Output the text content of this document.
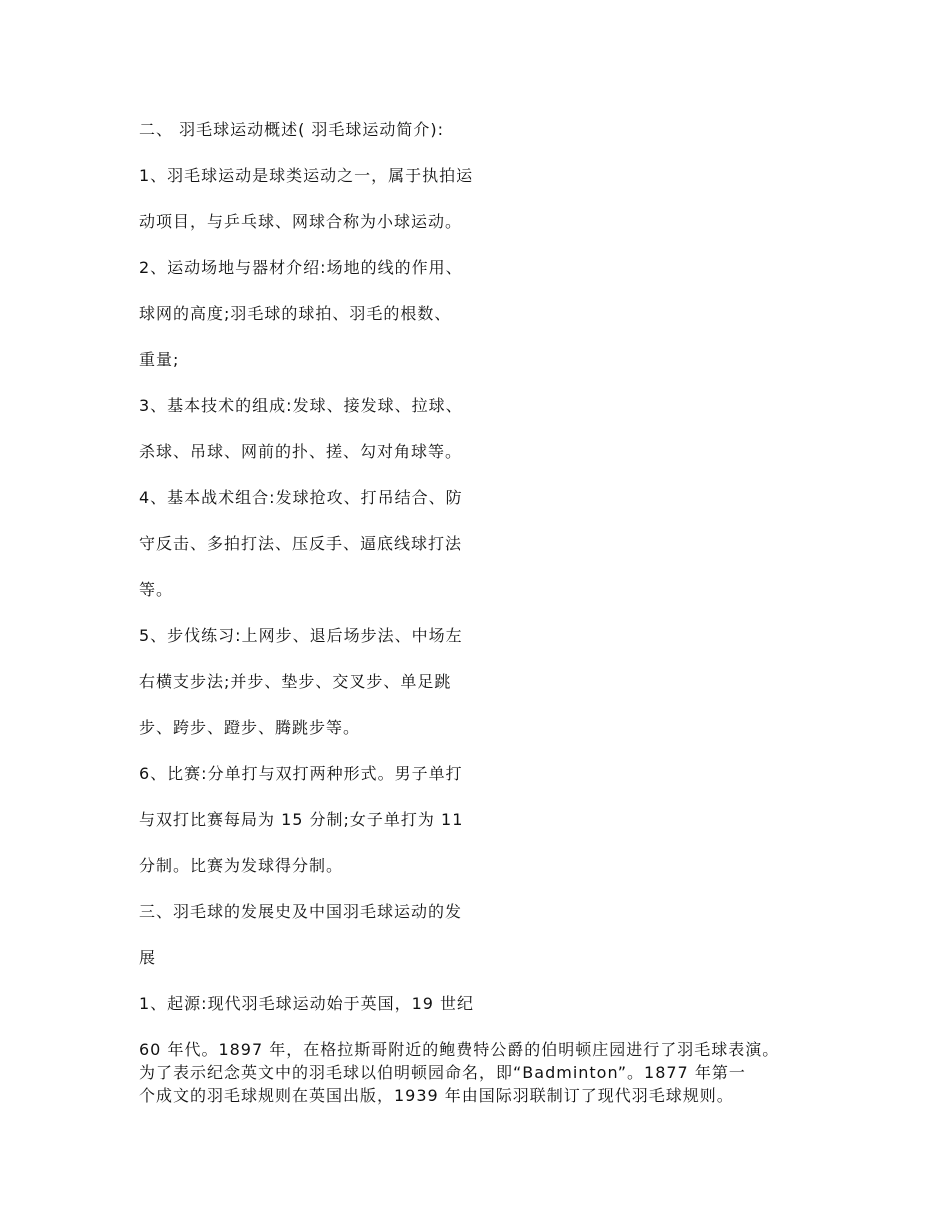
二、 羽毛球运动概述( 羽毛球运动简介):
1、羽毛球运动是球类运动之一，属于执拍运
动项目，与乒乓球、网球合称为小球运动。
2、运动场地与器材介绍:场地的线的作用、
球网的高度;羽毛球的球拍、羽毛的根数、
重量;
3、基本技术的组成:发球、接发球、拉球、
杀球、吊球、网前的扑、搓、勾对角球等。
4、基本战术组合:发球抢攻、打吊结合、防
守反击、多拍打法、压反手、逼底线球打法
等。
5、步伐练习:上网步、退后场步法、中场左
右横支步法;并步、垫步、交叉步、单足跳
步、跨步、蹬步、腾跳步等。
6、比赛:分单打与双打两种形式。男子单打
与双打比赛每局为 15 分制;女子单打为 11
分制。比赛为发球得分制。
三、羽毛球的发展史及中国羽毛球运动的发
展
1、起源:现代羽毛球运动始于英国，19 世纪
60 年代。1897 年，在格拉斯哥附近的鲍费特公爵的伯明顿庄园进行了羽毛球表演。
为了表示纪念英文中的羽毛球以伯明顿园命名，即“Badminton”。1877 年第一
个成文的羽毛球规则在英国出版，1939 年由国际羽联制订了现代羽毛球规则。
